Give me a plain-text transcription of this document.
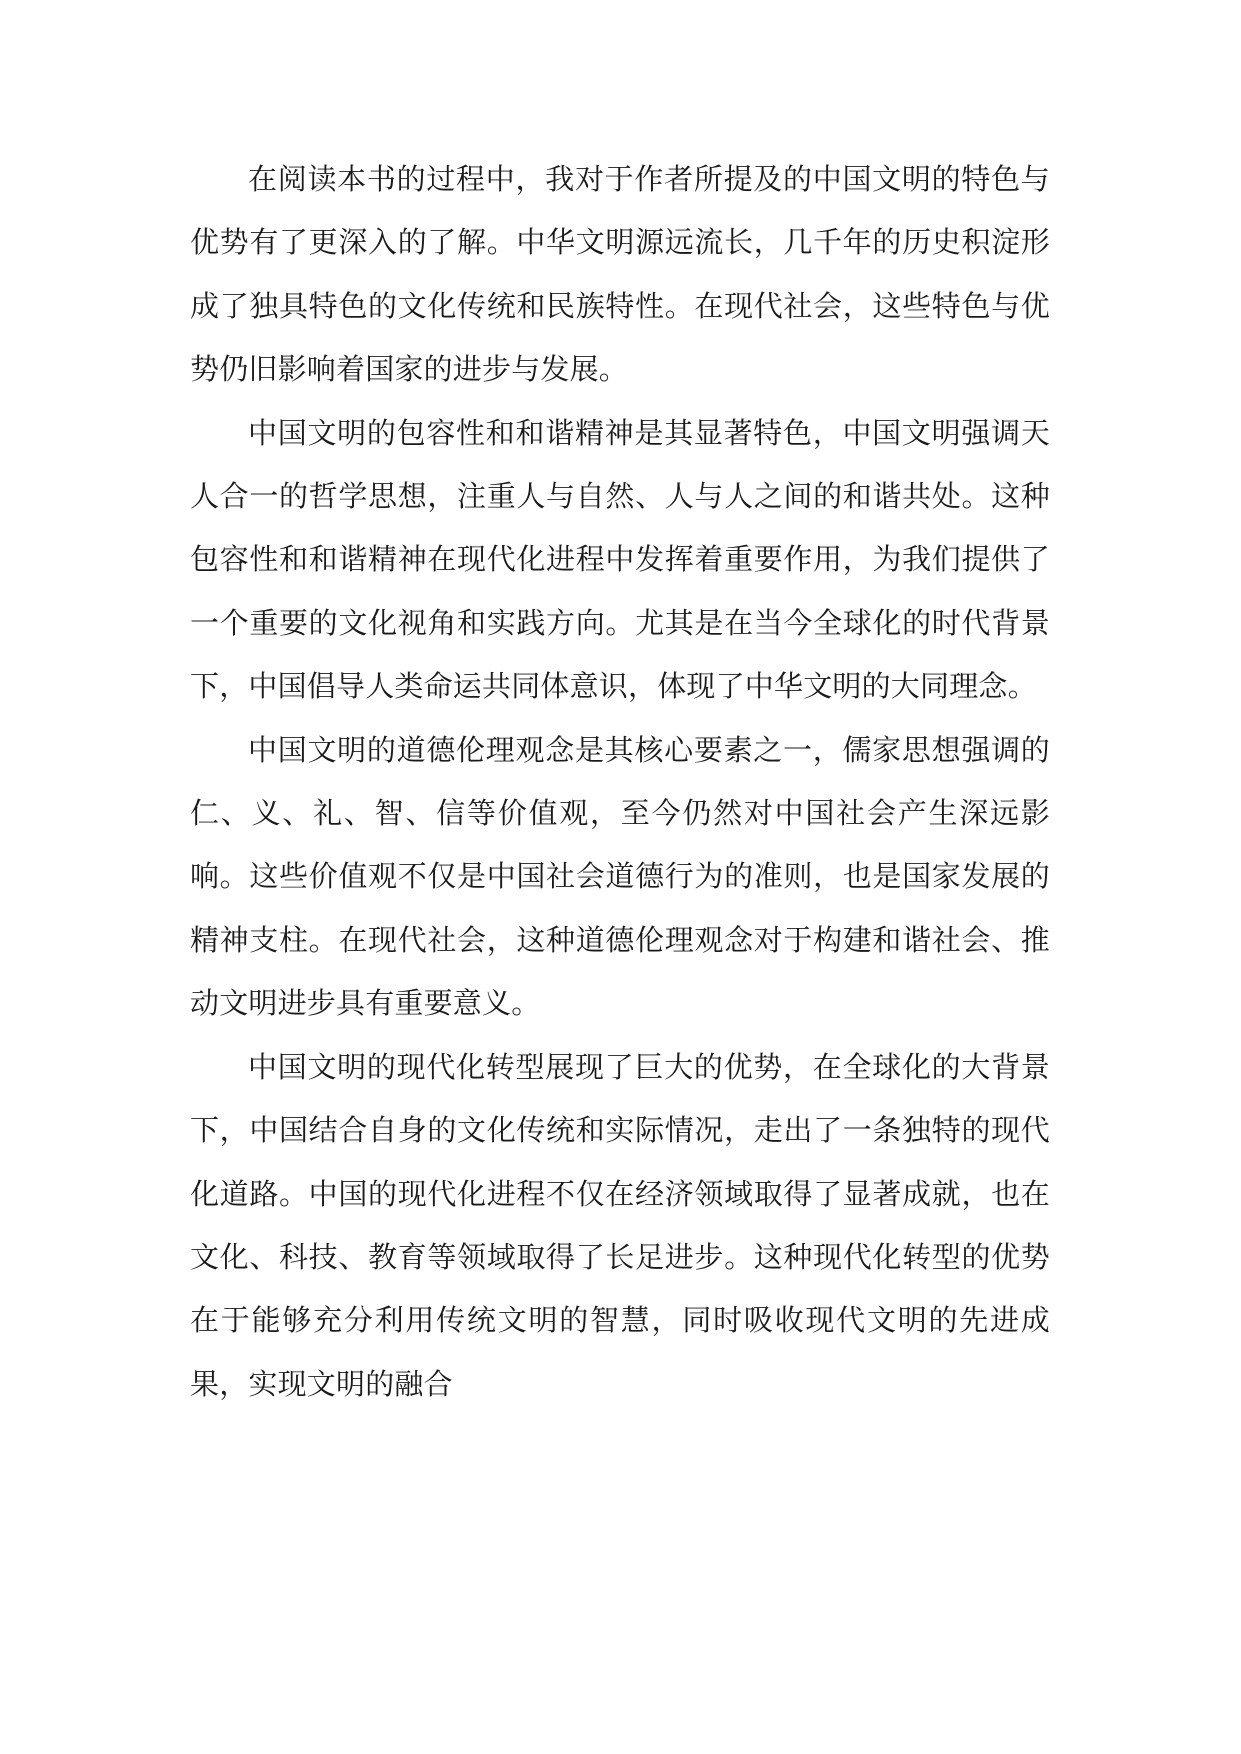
在阅读本书的过程中，我对于作者所提及的中国文明的特色与优势有了更深入的了解。中华文明源远流长，几千年的历史积淀形成了独具特色的文化传统和民族特性。在现代社会，这些特色与优势仍旧影响着国家的进步与发展。

中国文明的包容性和和谐精神是其显著特色，中国文明强调天人合一的哲学思想，注重人与自然、人与人之间的和谐共处。这种包容性和和谐精神在现代化进程中发挥着重要作用，为我们提供了一个重要的文化视角和实践方向。尤其是在当今全球化的时代背景下，中国倡导人类命运共同体意识，体现了中华文明的大同理念。

中国文明的道德伦理观念是其核心要素之一，儒家思想强调的仁、义、礼、智、信等价值观，至今仍然对中国社会产生深远影响。这些价值观不仅是中国社会道德行为的准则，也是国家发展的精神支柱。在现代社会，这种道德伦理观念对于构建和谐社会、推动文明进步具有重要意义。

中国文明的现代化转型展现了巨大的优势，在全球化的大背景下，中国结合自身的文化传统和实际情况，走出了一条独特的现代化道路。中国的现代化进程不仅在经济领域取得了显著成就，也在文化、科技、教育等领域取得了长足进步。这种现代化转型的优势在于能够充分利用传统文明的智慧，同时吸收现代文明的先进成果，实现文明的融合
